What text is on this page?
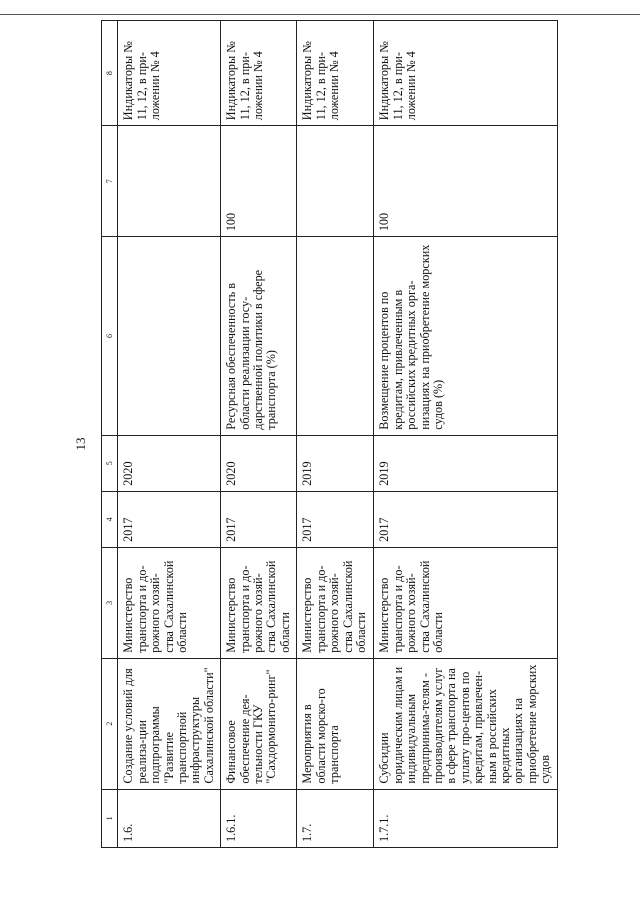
13
1	2	3	4	5	6	7	8
1.6.	Создание условий для реализа-ции подпрограммы "Развитие транспортной инфраструктуры Сахалинской области"	Министерство транспорта и до-рожного хозяй-ства Сахалинской области	2017	2020			Индикаторы № 11, 12, в при-ложении № 4
1.6.1.	Финансовое обеспечение дея-тельности ГКУ "Сахдормонито-ринг"	Министерство транспорта и до-рожного хозяй-ства Сахалинской области	2017	2020	Ресурсная обеспеченность в области реализации госу-дарственной политики в сфере транспорта (%)	100	Индикаторы № 11, 12, в при-ложении № 4
1.7.	Мероприятия в области морско-го транспорта	Министерство транспорта и до-рожного хозяй-ства Сахалинской области	2017	2019			Индикаторы № 11, 12, в при-ложении № 4
1.7.1.	Субсидии юридическим лицам и индивидуальным предпринима-телям - производителям услуг в сфере транспорта на уплату про-центов по кредитам, привлечен-ным в российских кредитных организациях на приобретение морских судов	Министерство транспорта и до-рожного хозяй-ства Сахалинской области	2017	2019	Возмещение процентов по кредитам, привлеченным в российских кредитных орга-низациях на приобретение морских судов (%)	100	Индикаторы № 11, 12, в при-ложении № 4
